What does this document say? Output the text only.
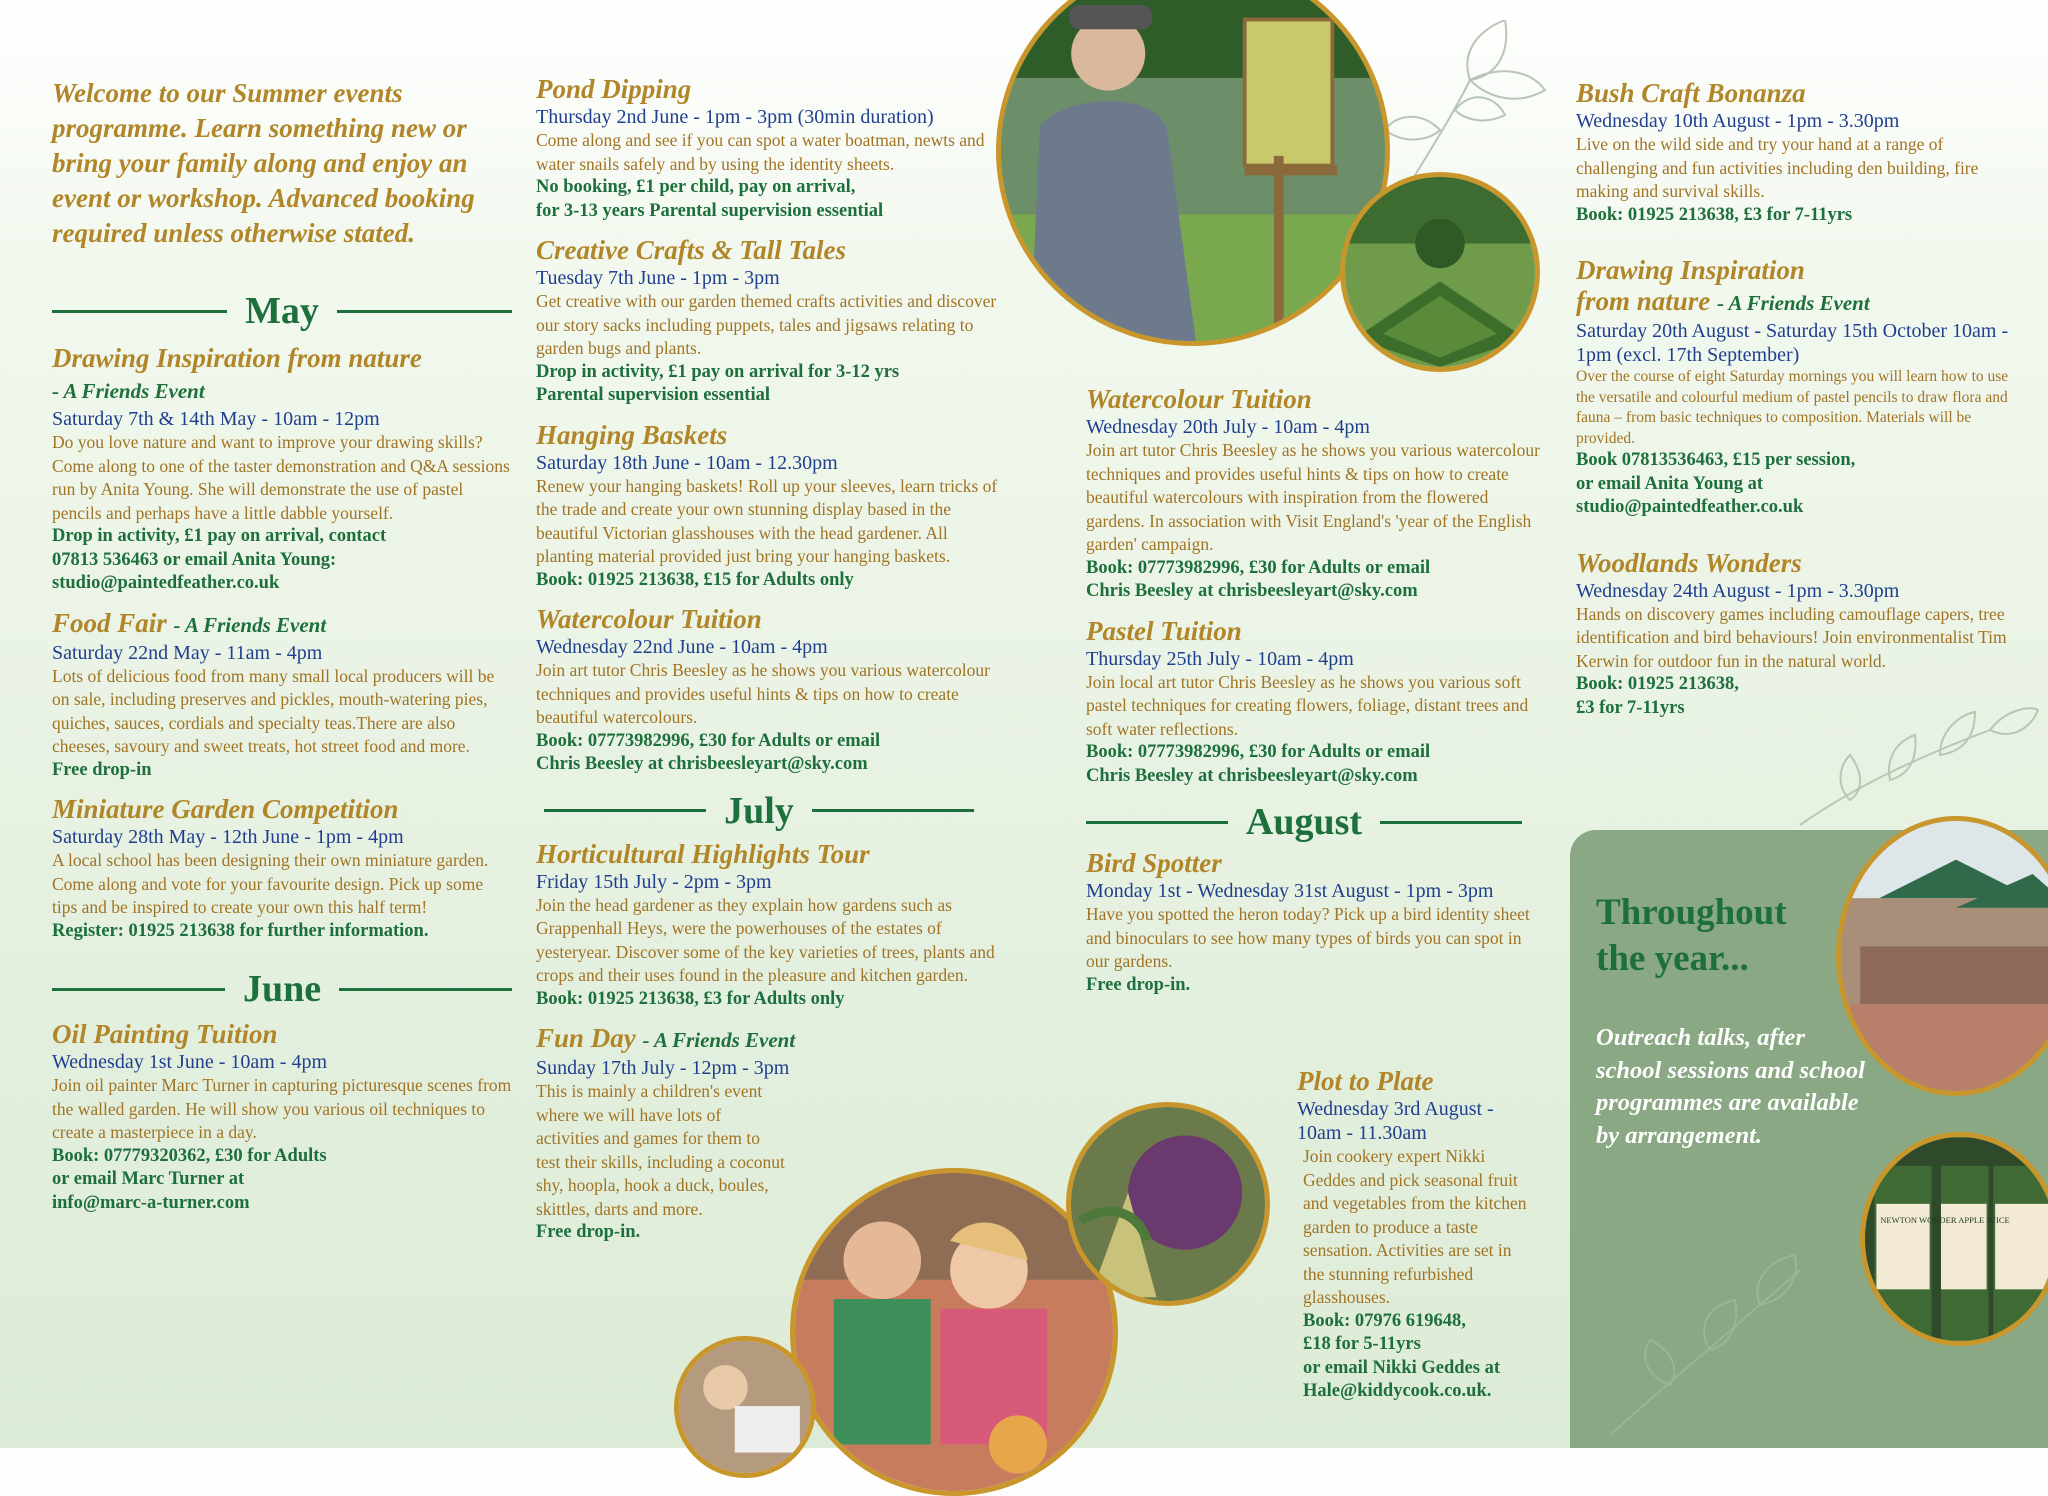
Welcome to our Summer events programme. Learn something new or bring your family along and enjoy an event or workshop. Advanced booking required unless otherwise stated.

May

Drawing Inspiration from nature
- A Friends Event

Saturday 7th & 14th May - 10am - 12pm

Do you love nature and want to improve your drawing skills? Come along to one of the taster demonstration and Q&A sessions run by Anita Young. She will demonstrate the use of pastel pencils and perhaps have a little dabble yourself.

Drop in activity, £1 pay on arrival, contact
07813 536463 or email Anita Young:
studio@paintedfeather.co.uk

Food Fair - A Friends Event

Saturday 22nd May - 11am - 4pm

Lots of delicious food from many small local producers will be on sale, including preserves and pickles, mouth-watering pies, quiches, sauces, cordials and specialty teas.There are also cheeses, savoury and sweet treats, hot street food and more.

Free drop-in

Miniature Garden Competition

Saturday 28th May - 12th June - 1pm - 4pm

A local school has been designing their own miniature garden. Come along and vote for your favourite design. Pick up some tips and be inspired to create your own this half term!

Register: 01925 213638 for further information.

June

Oil Painting Tuition

Wednesday 1st June - 10am - 4pm

Join oil painter Marc Turner in capturing picturesque scenes from the walled garden. He will show you various oil techniques to create a masterpiece in a day.

Book: 07779320362, £30 for Adults
or email Marc Turner at
info@marc-a-turner.com

Pond Dipping

Thursday 2nd June - 1pm - 3pm (30min duration)

Come along and see if you can spot a water boatman, newts and water snails safely and by using the identity sheets.

No booking, £1 per child, pay on arrival,
for 3-13 years Parental supervision essential

Creative Crafts & Tall Tales

Tuesday 7th June - 1pm - 3pm

Get creative with our garden themed crafts activities and discover our story sacks including puppets, tales and jigsaws relating to garden bugs and plants.

Drop in activity, £1 pay on arrival for 3-12 yrs
Parental supervision essential

Hanging Baskets

Saturday 18th June - 10am - 12.30pm

Renew your hanging baskets! Roll up your sleeves, learn tricks of the trade and create your own stunning display based in the beautiful Victorian glasshouses with the head gardener. All planting material provided just bring your hanging baskets.

Book: 01925 213638, £15 for Adults only

Watercolour Tuition

Wednesday 22nd June - 10am - 4pm

Join art tutor Chris Beesley as he shows you various watercolour techniques and provides useful hints & tips on how to create beautiful watercolours.

Book: 07773982996, £30 for Adults or email
Chris Beesley at chrisbeesleyart@sky.com

July

Horticultural Highlights Tour

Friday 15th July - 2pm - 3pm

Join the head gardener as they explain how gardens such as Grappenhall Heys, were the powerhouses of the estates of yesteryear. Discover some of the key varieties of trees, plants and crops and their uses found in the pleasure and kitchen garden.

Book: 01925 213638, £3 for Adults only

Fun Day - A Friends Event

Sunday 17th July - 12pm - 3pm

This is mainly a children's event where we will have lots of activities and games for them to test their skills, including a coconut shy, hoopla, hook a duck, boules, skittles, darts and more.

Free drop-in.

Watercolour Tuition

Wednesday 20th July - 10am - 4pm

Join art tutor Chris Beesley as he shows you various watercolour techniques and provides useful hints & tips on how to create beautiful watercolours with inspiration from the flowered gardens. In association with Visit England's 'year of the English garden' campaign.

Book: 07773982996, £30 for Adults or email
Chris Beesley at chrisbeesleyart@sky.com

Pastel Tuition

Thursday 25th July - 10am - 4pm

Join local art tutor Chris Beesley as he shows you various soft pastel techniques for creating flowers, foliage, distant trees and soft water reflections.

Book: 07773982996, £30 for Adults or email
Chris Beesley at chrisbeesleyart@sky.com

August

Bird Spotter

Monday 1st - Wednesday 31st August - 1pm - 3pm

Have you spotted the heron today? Pick up a bird identity sheet and binoculars to see how many types of birds you can spot in our gardens.

Free drop-in.

Plot to Plate

Wednesday 3rd August - 10am - 11.30am

Join cookery expert Nikki Geddes and pick seasonal fruit and vegetables from the kitchen garden to produce a taste sensation. Activities are set in the stunning refurbished glasshouses.

Book: 07976 619648,
£18 for 5-11yrs
or email Nikki Geddes at
Hale@kiddycook.co.uk.

Bush Craft Bonanza

Wednesday 10th August - 1pm - 3.30pm

Live on the wild side and try your hand at a range of challenging and fun activities including den building, fire making and survival skills.

Book: 01925 213638, £3 for 7-11yrs

Drawing Inspiration
from nature - A Friends Event

Saturday 20th August - Saturday 15th October 10am - 1pm (excl. 17th September)

Over the course of eight Saturday mornings you will learn how to use the versatile and colourful medium of pastel pencils to draw flora and fauna – from basic techniques to composition. Materials will be provided.

Book 07813536463, £15 per session,
or email Anita Young at
studio@paintedfeather.co.uk

Woodlands Wonders

Wednesday 24th August - 1pm - 3.30pm

Hands on discovery games including camouflage capers, tree identification and bird behaviours! Join environmentalist Tim Kerwin for outdoor fun in the natural world.

Book: 01925 213638,
£3 for 7-11yrs

Throughout
the year...

Outreach talks, after school sessions and school programmes are available by arrangement.

NEWTON WONDER APPLE JUICE
